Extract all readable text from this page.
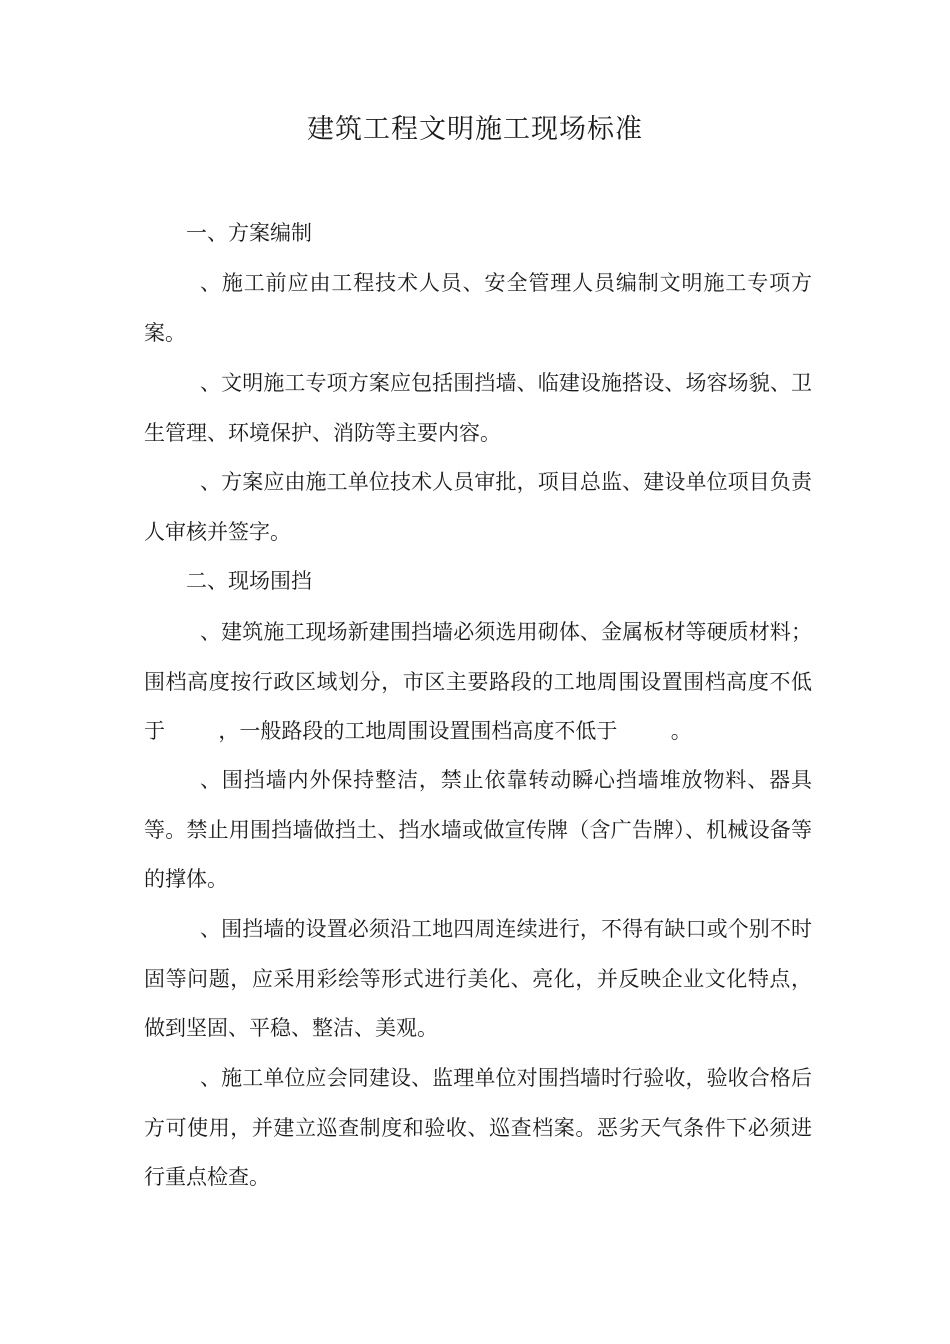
建筑工程文明施工现场标准
一、方案编制
、施工前应由工程技术人员、安全管理人员编制文明施工专项方案。
、文明施工专项方案应包括围挡墙、临建设施搭设、场容场貌、卫生管理、环境保护、消防等主要内容。
、方案应由施工单位技术人员审批，项目总监、建设单位项目负责人审核并签字。
二、现场围挡
、建筑施工现场新建围挡墙必须选用砌体、金属板材等硬质材料；围档高度按行政区域划分，市区主要路段的工地周围设置围档高度不低于        ，一般路段的工地周围设置围档高度不低于        。
、围挡墙内外保持整洁，禁止依靠转动瞬心挡墙堆放物料、器具等。禁止用围挡墙做挡土、挡水墙或做宣传牌（含广告牌）、机械设备等的撑体。
、围挡墙的设置必须沿工地四周连续进行，不得有缺口或个别不时固等问题，应采用彩绘等形式进行美化、亮化，并反映企业文化特点，做到坚固、平稳、整洁、美观。
、施工单位应会同建设、监理单位对围挡墙时行验收，验收合格后方可使用，并建立巡查制度和验收、巡查档案。恶劣天气条件下必须进行重点检查。
